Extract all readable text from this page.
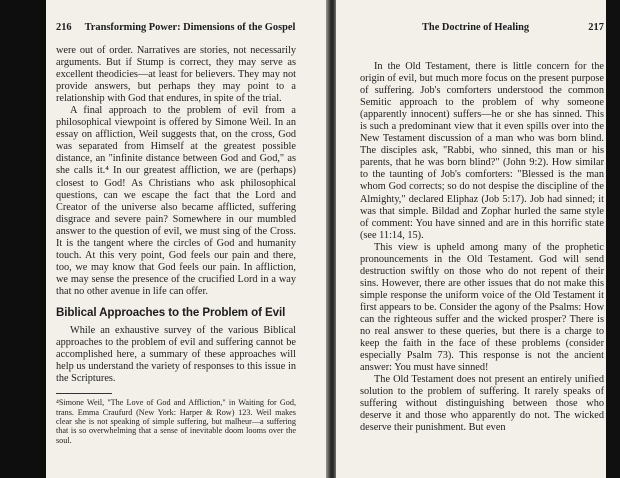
216 Transforming Power: Dimensions of the Gospel

were out of order. Narratives are stories, not necessarily arguments. But if Stump is correct, they may serve as excellent theodicies—at least for believers. They may not provide answers, but perhaps they may point to a relationship with God that endures, in spite of the trial.

A final approach to the problem of evil from a philosophical viewpoint is offered by Simone Weil. In an essay on affliction, Weil suggests that, on the cross, God was separated from Himself at the greatest possible distance, an "infinite distance between God and God," as she calls it.⁴ In our greatest affliction, we are (perhaps) closest to God! As Christians who ask philosophical questions, can we escape the fact that the Lord and Creator of the universe also became afflicted, suffering disgrace and severe pain? Somewhere in our mumbled answer to the question of evil, we must sing of the Cross. It is the tangent where the circles of God and humanity touch. At this very point, God feels our pain and there, too, we may know that God feels our pain. In affliction, we may sense the presence of the crucified Lord in a way that no other avenue in life can offer.

Biblical Approaches to the Problem of Evil

While an exhaustive survey of the various Biblical approaches to the problem of evil and suffering cannot be accomplished here, a summary of these approaches will help us understand the variety of responses to this issue in the Scriptures.

⁴Simone Weil, "The Love of God and Affliction," in Waiting for God, trans. Emma Craufurd (New York: Harper & Row) 123. Weil makes clear she is not speaking of simple suffering, but malheur—a suffering that is so overwhelming that a sense of inevitable doom looms over the soul.
The Doctrine of Healing	217

In the Old Testament, there is little concern for the origin of evil, but much more focus on the present purpose of suffering. Job's comforters understood the common Semitic approach to the problem of why someone (apparently innocent) suffers—he or she has sinned. This is such a predominant view that it even spills over into the New Testament discussion of a man who was born blind. The disciples ask, "Rabbi, who sinned, this man or his parents, that he was born blind?" (John 9:2). How similar to the taunting of Job's comforters: "Blessed is the man whom God corrects; so do not despise the discipline of the Almighty," declared Eliphaz (Job 5:17). Job had sinned; it was that simple. Bildad and Zophar hurled the same style of comment: You have sinned and are in this horrific state (see 11:14, 15).

This view is upheld among many of the prophetic pronouncements in the Old Testament. God will send destruction swiftly on those who do not repent of their sins. However, there are other issues that do not make this simple response the uniform voice of the Old Testament it first appears to be. Consider the agony of the Psalms: How can the righteous suffer and the wicked prosper? There is no real answer to these queries, but there is a charge to keep the faith in the face of these problems (consider especially Psalm 73). This response is not the ancient answer: You must have sinned!

The Old Testament does not present an entirely unified solution to the problem of suffering. It rarely speaks of suffering without distinguishing between those who deserve it and those who apparently do not. The wicked deserve their punishment. But even
